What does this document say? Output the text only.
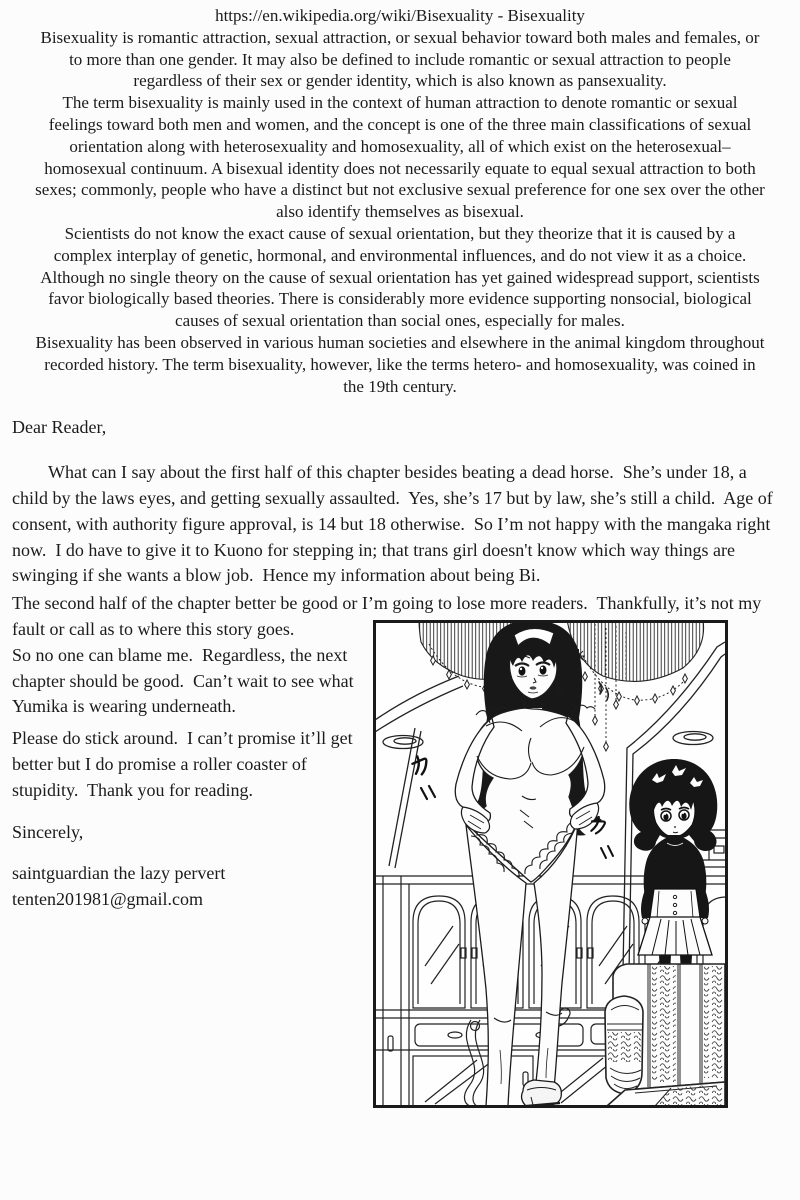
https://en.wikipedia.org/wiki/Bisexuality - Bisexuality
Bisexuality is romantic attraction, sexual attraction, or sexual behavior toward both males and females, or
to more than one gender. It may also be defined to include romantic or sexual attraction to people
regardless of their sex or gender identity, which is also known as pansexuality.
The term bisexuality is mainly used in the context of human attraction to denote romantic or sexual
feelings toward both men and women, and the concept is one of the three main classifications of sexual
orientation along with heterosexuality and homosexuality, all of which exist on the heterosexual–
homosexual continuum. A bisexual identity does not necessarily equate to equal sexual attraction to both
sexes; commonly, people who have a distinct but not exclusive sexual preference for one sex over the other
also identify themselves as bisexual.
Scientists do not know the exact cause of sexual orientation, but they theorize that it is caused by a
complex interplay of genetic, hormonal, and environmental influences, and do not view it as a choice.
Although no single theory on the cause of sexual orientation has yet gained widespread support, scientists
favor biologically based theories. There is considerably more evidence supporting nonsocial, biological
causes of sexual orientation than social ones, especially for males.
Bisexuality has been observed in various human societies and elsewhere in the animal kingdom throughout
recorded history. The term bisexuality, however, like the terms hetero- and homosexuality, was coined in
the 19th century.
Dear Reader,
What can I say about the first half of this chapter besides beating a dead horse.  She’s under 18, a
child by the laws eyes, and getting sexually assaulted.  Yes, she’s 17 but by law, she’s still a child.  Age of
consent, with authority figure approval, is 14 but 18 otherwise.  So I’m not happy with the mangaka right
now.  I do have to give it to Kuono for stepping in; that trans girl doesn't know which way things are
swinging if she wants a blow job.  Hence my information about being Bi.
The second half of the chapter better be good or I’m going to lose more readers.  Thankfully, it’s not my
fault or call as to where this story goes.
So no one can blame me.  Regardless, the next
chapter should be good.  Can’t wait to see what
Yumika is wearing underneath.
Please do stick around.  I can’t promise it’ll get
better but I do promise a roller coaster of
stupidity.  Thank you for reading.
Sincerely,
saintguardian the lazy pervert
tenten201981@gmail.com
